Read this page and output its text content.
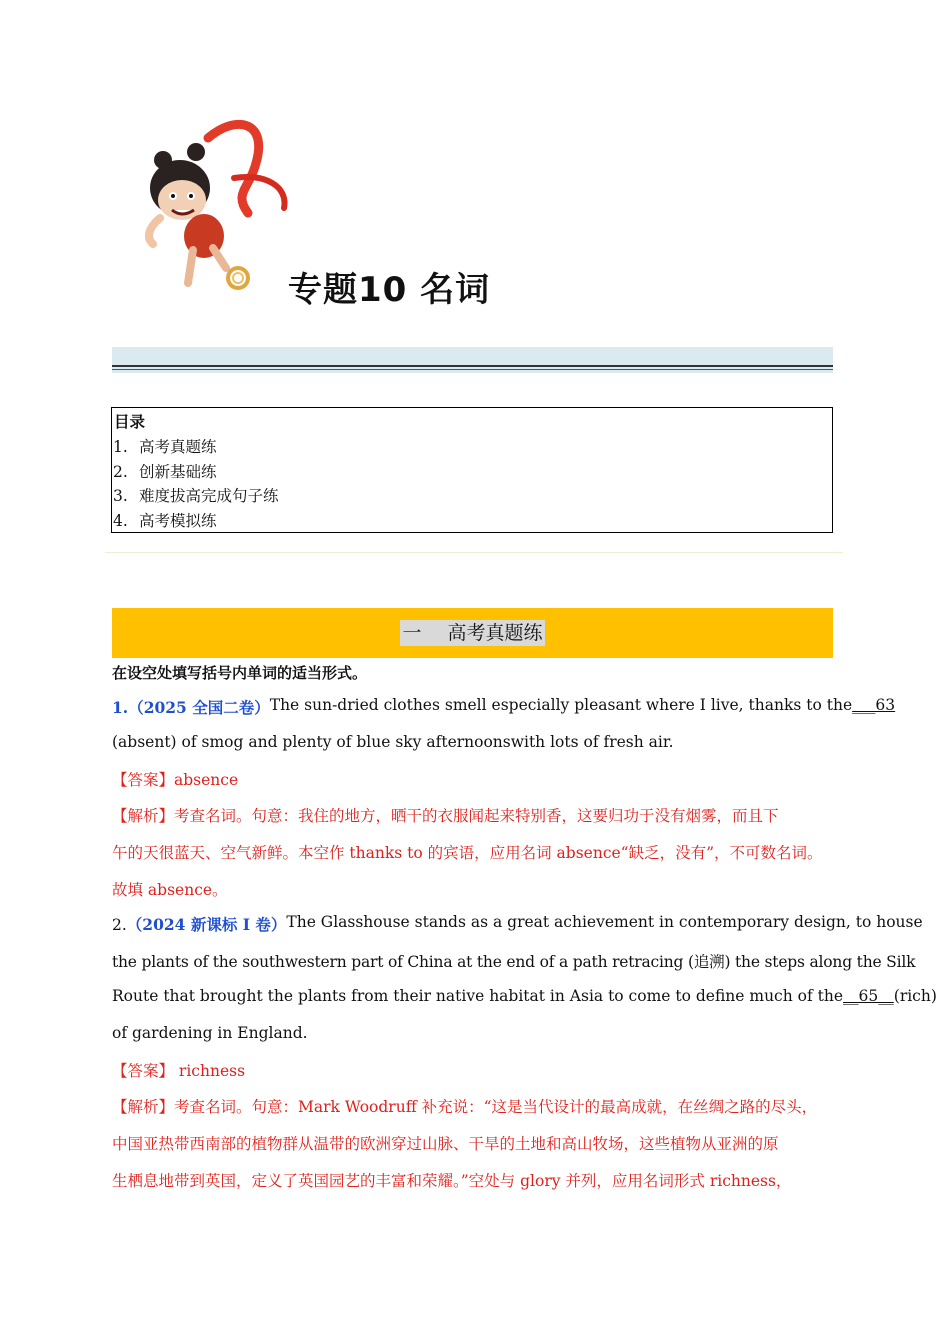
专题10 名词
目录
1. 高考真题练
2. 创新基础练
3. 难度拔高完成句子练
4. 高考模拟练
一 高考真题练
在设空处填写括号内单词的适当形式。
1.（2025 全国二卷） The sun-dried clothes smell especially pleasant where I live, thanks to the ___63
(absent) of smog and plenty of blue sky afternoonswith lots of fresh air.
【答案】absence
【解析】考查名词。句意：我住的地方，晒干的衣服闻起来特别香，这要归功于没有烟雾，而且下
午的天很蓝天、空气新鲜。本空作 thanks to 的宾语，应用名词 absence“缺乏，没有”，不可数名词。
故填 absence。
2.（2024 新课标 I 卷） The Glasshouse stands as a great achievement in contemporary design, to house
the plants of the southwestern part of China at the end of a path retracing (追溯) the steps along the Silk
Route that brought the plants from their native habitat in Asia to come to define much of the __65__ (rich)
of gardening in England.
【答案】 richness
【解析】考查名词。句意：Mark Woodruff 补充说：“这是当代设计的最高成就，在丝绸之路的尽头，
中国亚热带西南部的植物群从温带的欧洲穿过山脉、干旱的土地和高山牧场，这些植物从亚洲的原
生栖息地带到英国，定义了英国园艺的丰富和荣耀。”空处与 glory 并列，应用名词形式 richness，
